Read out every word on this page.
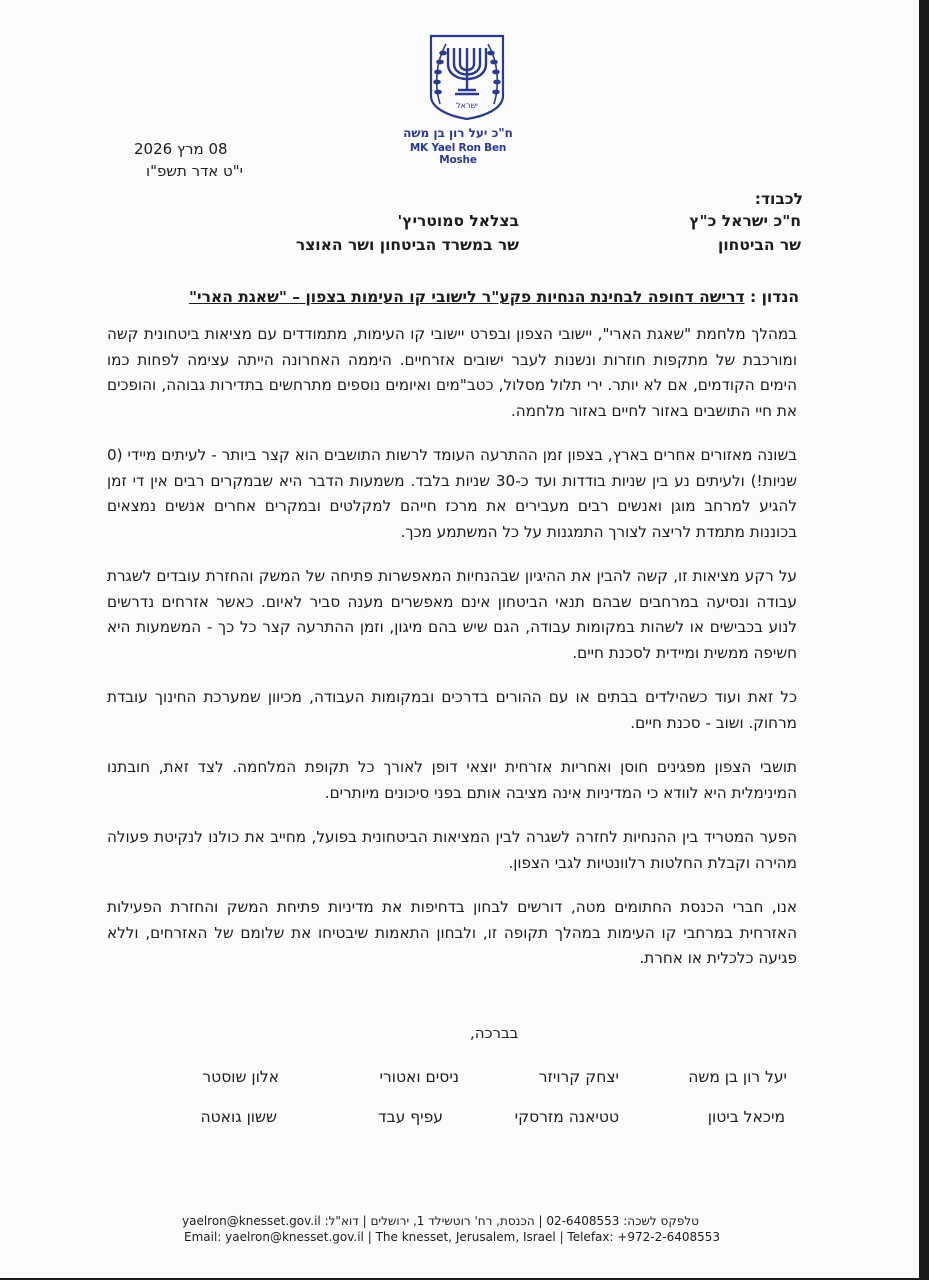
ישראל
ח"כ יעל רון בן משה
MK Yael Ron Ben Moshe
08 מרץ 2026
י"ט אדר תשפ"ו
לכבוד:
ח"כ ישראל כ"ץ
בצלאל סמוטריץ'
שר הביטחון
שר במשרד הביטחון ושר האוצר
הנדון : דרישה דחופה לבחינת הנחיות פקע"ר לישובי קו העימות בצפון – "שאגת הארי"

במהלך מלחמת "שאגת הארי", יישובי הצפון ובפרט יישובי קו העימות, מתמודדים עם מציאות ביטחונית קשה ומורכבת של מתקפות חוזרות ונשנות לעבר ישובים אזרחיים. היממה האחרונה הייתה עצימה לפחות כמו הימים הקודמים, אם לא יותר. ירי תלול מסלול, כטב"מים ואיומים נוספים מתרחשים בתדירות גבוהה, והופכים את חיי התושבים באזור לחיים באזור מלחמה.

בשונה מאזורים אחרים בארץ, בצפון זמן ההתרעה העומד לרשות התושבים הוא קצר ביותר - לעיתים מיידי (0 שניות!) ולעיתים נע בין שניות בודדות ועד כ-30 שניות בלבד. משמעות הדבר היא שבמקרים רבים אין די זמן להגיע למרחב מוגן ואנשים רבים מעבירים את מרכז חייהם למקלטים ובמקרים אחרים אנשים נמצאים בכוננות מתמדת לריצה לצורך התמגנות על כל המשתמע מכך.

על רקע מציאות זו, קשה להבין את ההיגיון שבהנחיות המאפשרות פתיחה של המשק והחזרת עובדים לשגרת עבודה ונסיעה במרחבים שבהם תנאי הביטחון אינם מאפשרים מענה סביר לאיום. כאשר אזרחים נדרשים לנוע בכבישים או לשהות במקומות עבודה, הגם שיש בהם מיגון, וזמן ההתרעה קצר כל כך - המשמעות היא חשיפה ממשית ומיידית לסכנת חיים.

כל זאת ועוד כשהילדים בבתים או עם ההורים בדרכים ובמקומות העבודה, מכיוון שמערכת החינוך עובדת מרחוק. ושוב - סכנת חיים.

תושבי הצפון מפגינים חוסן ואחריות אזרחית יוצאי דופן לאורך כל תקופת המלחמה. לצד זאת, חובתנו המינימלית היא לוודא כי המדיניות אינה מציבה אותם בפני סיכונים מיותרים.

הפער המטריד בין ההנחיות לחזרה לשגרה לבין המציאות הביטחונית בפועל, מחייב את כולנו לנקיטת פעולה מהירה וקבלת החלטות רלוונטיות לגבי הצפון.

אנו, חברי הכנסת החתומים מטה, דורשים לבחון בדחיפות את מדיניות פתיחת המשק והחזרת הפעילות האזרחית במרחבי קו העימות במהלך תקופה זו, ולבחון התאמות שיבטיחו את שלומם של האזרחים, וללא פגיעה כלכלית או אחרת.

בברכה,
יעל רון בן משה
יצחק קרויזר
ניסים ואטורי
אלון שוסטר
מיכאל ביטון
טטיאנה מזרסקי
עפיף עבד
ששון גואטה
טלפקס לשכה: 02-6408553 | הכנסת, רח' רוטשילד 1, ירושלים | דוא"ל: yaelron@knesset.gov.il
Email: yaelron@knesset.gov.il | The knesset, Jerusalem, Israel | Telefax: +972-2-6408553
